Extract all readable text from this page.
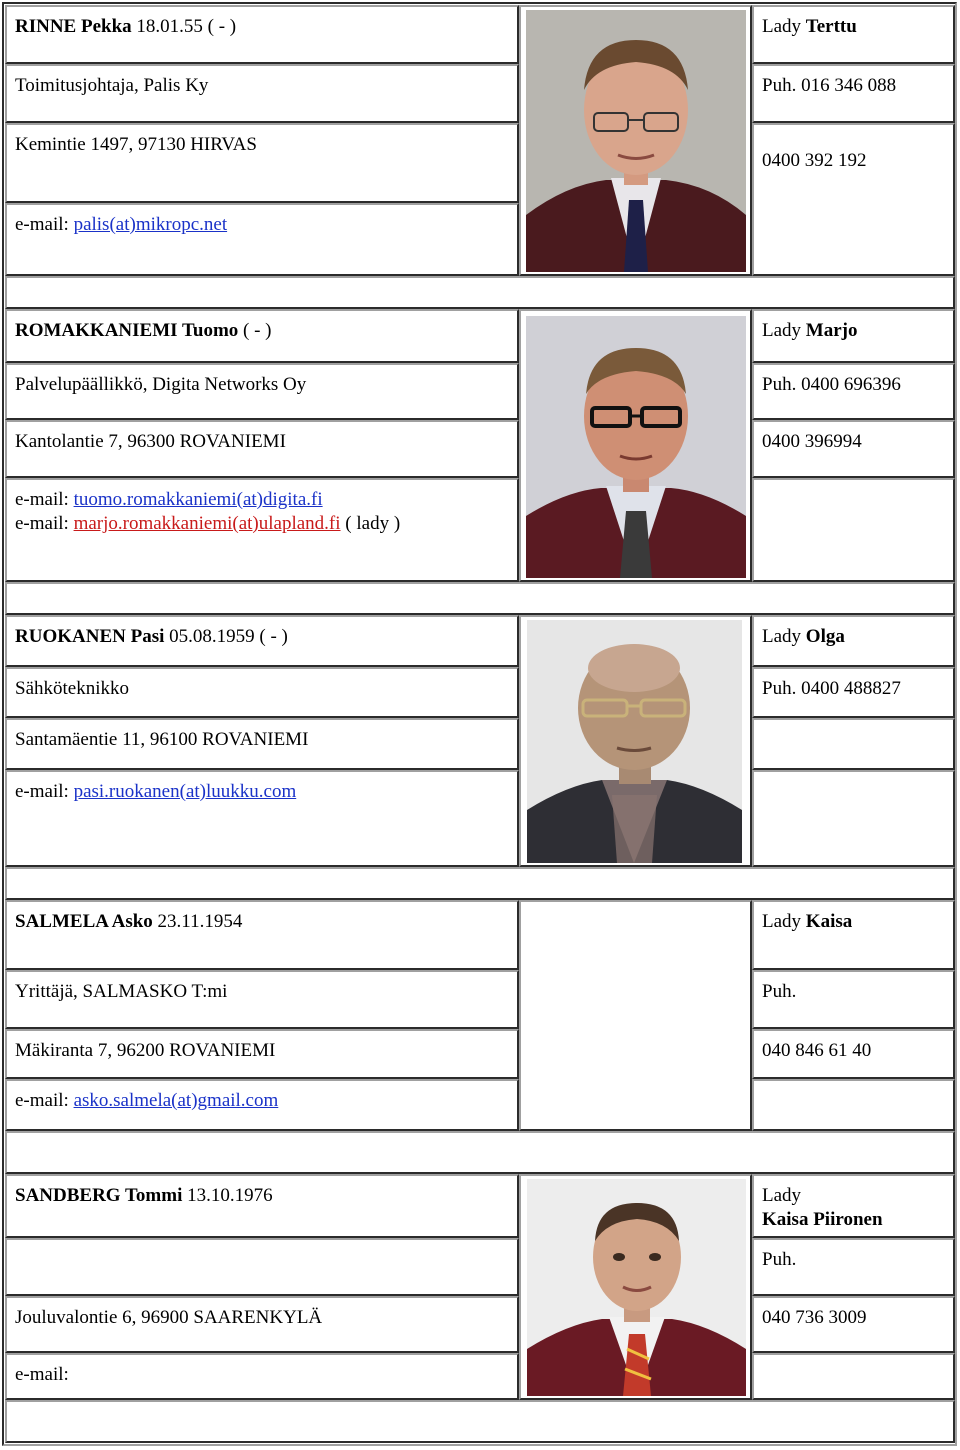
RINNE Pekka 18.01.55 ( - )
Toimitusjohtaja, Palis Ky
Kemintie 1497, 97130 HIRVAS
e-mail: palis(at)mikropc.net
Lady Terttu
Puh. 016 346 088
0400 392 192
ROMAKKANIEMI Tuomo ( - )
Palvelupäällikkö, Digita Networks Oy
Kantolantie 7, 96300 ROVANIEMI
e-mail: tuomo.romakkaniemi(at)digita.fi
e-mail: marjo.romakkaniemi(at)ulapland.fi ( lady )
Lady Marjo
Puh. 0400 696396
0400 396994
RUOKANEN Pasi 05.08.1959 ( - )
Sähköteknikko
Santamäentie 11, 96100 ROVANIEMI
e-mail: pasi.ruokanen(at)luukku.com
Lady Olga
Puh. 0400 488827
SALMELA Asko 23.11.1954
Yrittäjä, SALMASKO T:mi
Mäkiranta 7, 96200 ROVANIEMI
e-mail: asko.salmela(at)gmail.com
Lady Kaisa
Puh.
040 846 61 40
SANDBERG Tommi 13.10.1976
Jouluvalontie 6, 96900 SAARENKYLÄ
e-mail:
Lady
Kaisa Piironen
Puh.
040 736 3009
